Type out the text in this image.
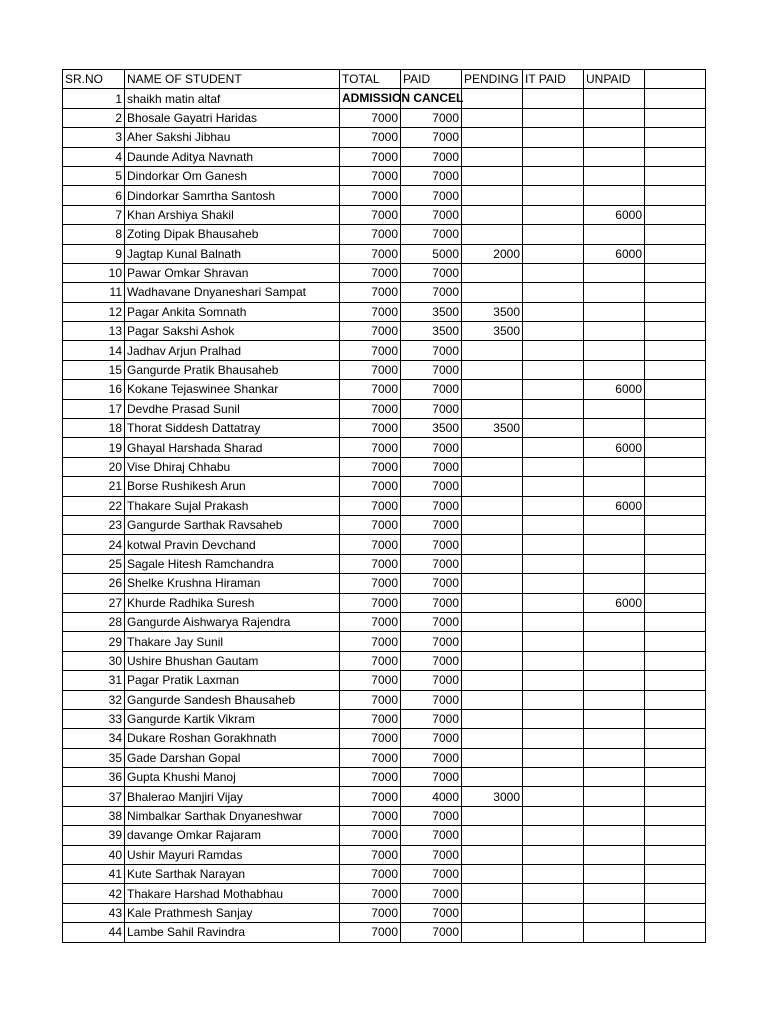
SR.NO	NAME OF STUDENT	TOTAL	PAID	PENDING	IT PAID	UNPAID	
1	shaikh matin altaf	ADMISSION CANCEL					

2	Bhosale Gayatri Haridas	7000	7000				
3	Aher Sakshi Jibhau	7000	7000				
4	Daunde Aditya Navnath	7000	7000				
5	Dindorkar Om Ganesh	7000	7000				
6	Dindorkar Samrtha Santosh	7000	7000				
7	Khan Arshiya Shakil	7000	7000			6000	
8	Zoting Dipak Bhausaheb	7000	7000				
9	Jagtap Kunal Balnath	7000	5000	2000		6000	
10	Pawar Omkar Shravan	7000	7000				
11	Wadhavane Dnyaneshari Sampat	7000	7000				
12	Pagar Ankita Somnath	7000	3500	3500			
13	Pagar Sakshi Ashok	7000	3500	3500			
14	Jadhav Arjun Pralhad	7000	7000				
15	Gangurde Pratik Bhausaheb	7000	7000				
16	Kokane Tejaswinee Shankar	7000	7000			6000	
17	Devdhe Prasad Sunil	7000	7000				
18	Thorat Siddesh Dattatray	7000	3500	3500			
19	Ghayal Harshada Sharad	7000	7000			6000	
20	Vise Dhiraj Chhabu	7000	7000				
21	Borse Rushikesh Arun	7000	7000				
22	Thakare Sujal Prakash	7000	7000			6000	
23	Gangurde Sarthak Ravsaheb	7000	7000				
24	kotwal Pravin Devchand	7000	7000				
25	Sagale Hitesh Ramchandra	7000	7000				
26	Shelke Krushna Hiraman	7000	7000				
27	Khurde Radhika Suresh	7000	7000			6000	
28	Gangurde Aishwarya Rajendra	7000	7000				
29	Thakare Jay Sunil	7000	7000				
30	Ushire Bhushan Gautam	7000	7000				
31	Pagar Pratik Laxman	7000	7000				
32	Gangurde Sandesh Bhausaheb	7000	7000				
33	Gangurde Kartik Vikram	7000	7000				
34	Dukare Roshan Gorakhnath	7000	7000				
35	Gade Darshan Gopal	7000	7000				
36	Gupta Khushi Manoj	7000	7000				
37	Bhalerao Manjiri Vijay	7000	4000	3000			
38	Nimbalkar Sarthak Dnyaneshwar	7000	7000				
39	davange Omkar Rajaram	7000	7000				
40	Ushir Mayuri Ramdas	7000	7000				
41	Kute Sarthak Narayan	7000	7000				
42	Thakare Harshad Mothabhau	7000	7000				
43	Kale Prathmesh Sanjay	7000	7000				
44	Lambe Sahil Ravindra	7000	7000				
